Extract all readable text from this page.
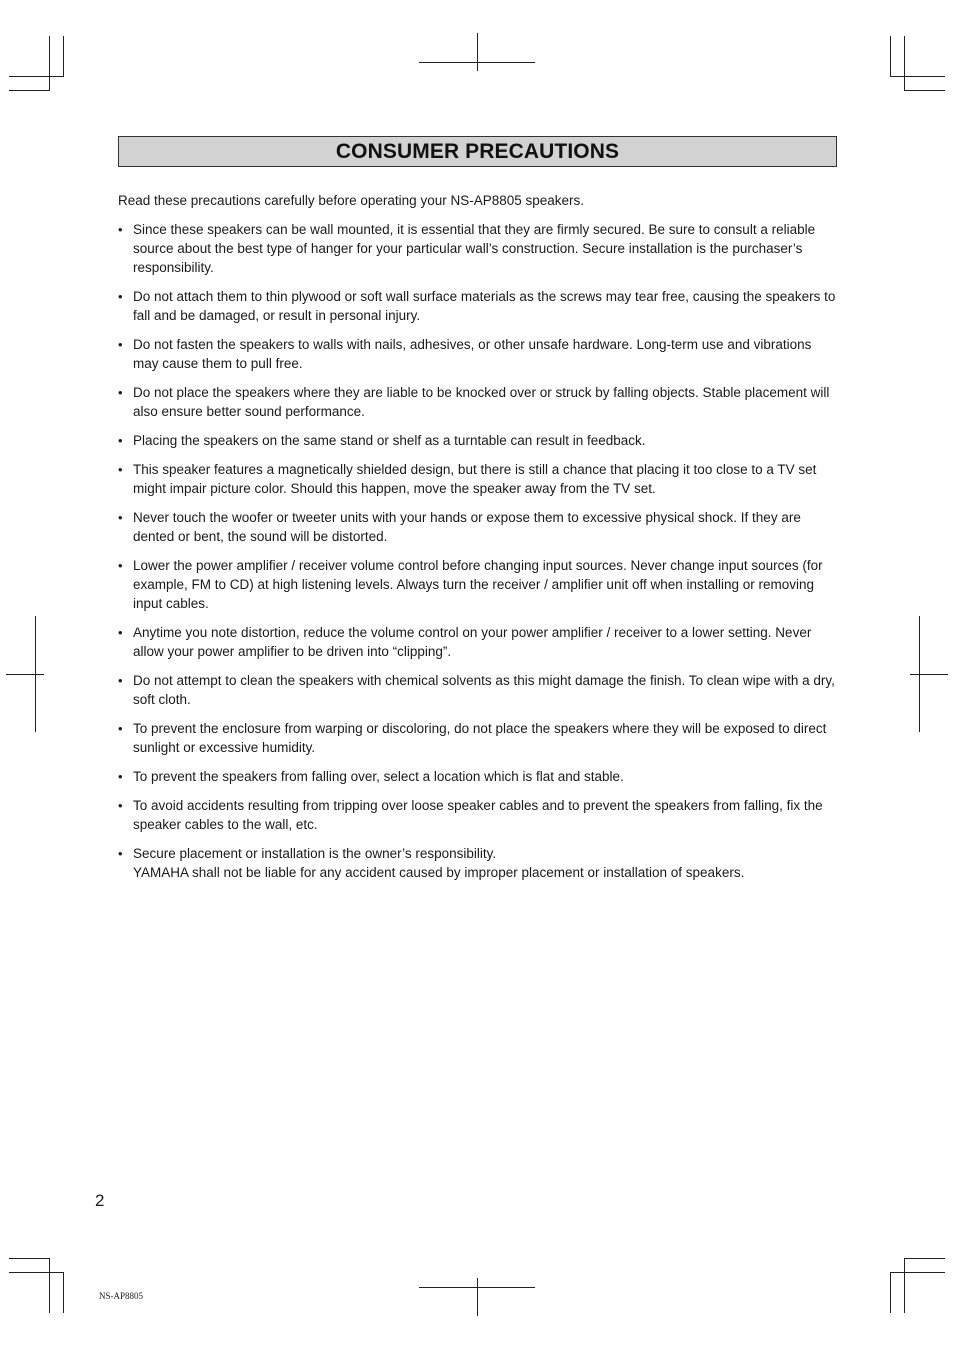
CONSUMER PRECAUTIONS

Read these precautions carefully before operating your NS-AP8805 speakers.

• Since these speakers can be wall mounted, it is essential that they are firmly secured. Be sure to consult a reliable source about the best type of hanger for your particular wall’s construction. Secure installation is the purchaser’s responsibility.
• Do not attach them to thin plywood or soft wall surface materials as the screws may tear free, causing the speakers to fall and be damaged, or result in personal injury.
• Do not fasten the speakers to walls with nails, adhesives, or other unsafe hardware. Long-term use and vibrations may cause them to pull free.
• Do not place the speakers where they are liable to be knocked over or struck by falling objects. Stable placement will also ensure better sound performance.
• Placing the speakers on the same stand or shelf as a turntable can result in feedback.
• This speaker features a magnetically shielded design, but there is still a chance that placing it too close to a TV set might impair picture color. Should this happen, move the speaker away from the TV set.
• Never touch the woofer or tweeter units with your hands or expose them to excessive physical shock. If they are dented or bent, the sound will be distorted.
• Lower the power amplifier / receiver volume control before changing input sources. Never change input sources (for example, FM to CD) at high listening levels. Always turn the receiver / amplifier unit off when installing or removing input cables.
• Anytime you note distortion, reduce the volume control on your power amplifier / receiver to a lower setting. Never allow your power amplifier to be driven into “clipping”.
• Do not attempt to clean the speakers with chemical solvents as this might damage the finish. To clean wipe with a dry, soft cloth.
• To prevent the enclosure from warping or discoloring, do not place the speakers where they will be exposed to direct sunlight or excessive humidity.
• To prevent the speakers from falling over, select a location which is flat and stable.
• To avoid accidents resulting from tripping over loose speaker cables and to prevent the speakers from falling, fix the speaker cables to the wall, etc.
• Secure placement or installation is the owner’s responsibility.
YAMAHA shall not be liable for any accident caused by improper placement or installation of speakers.

2

NS-AP8805
